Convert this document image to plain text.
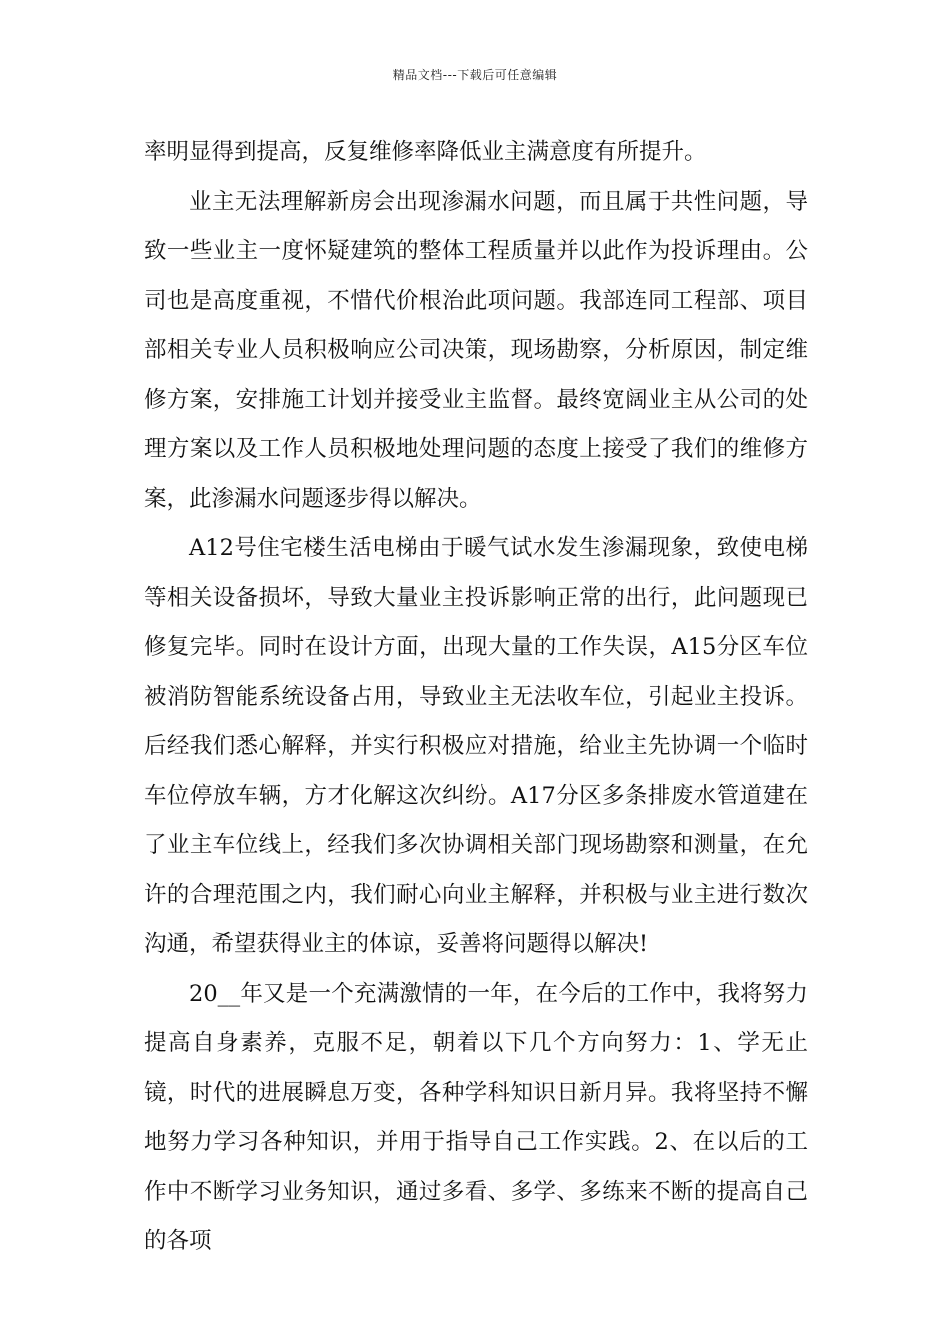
精品文档---下载后可任意编辑

率明显得到提高，反复维修率降低业主满意度有所提升。

业主无法理解新房会出现渗漏水问题，而且属于共性问题，导致一些业主一度怀疑建筑的整体工程质量并以此作为投诉理由。公司也是高度重视，不惜代价根治此项问题。我部连同工程部、项目部相关专业人员积极响应公司决策，现场勘察，分析原因，制定维修方案，安排施工计划并接受业主监督。最终宽阔业主从公司的处理方案以及工作人员积极地处理问题的态度上接受了我们的维修方案，此渗漏水问题逐步得以解决。

A12号住宅楼生活电梯由于暖气试水发生渗漏现象，致使电梯等相关设备损坏，导致大量业主投诉影响正常的出行，此问题现已修复完毕。同时在设计方面，出现大量的工作失误，A15分区车位被消防智能系统设备占用，导致业主无法收车位，引起业主投诉。后经我们悉心解释，并实行积极应对措施，给业主先协调一个临时车位停放车辆，方才化解这次纠纷。A17分区多条排废水管道建在了业主车位线上，经我们多次协调相关部门现场勘察和测量，在允许的合理范围之内，我们耐心向业主解释，并积极与业主进行数次沟通，希望获得业主的体谅，妥善将问题得以解决!

20__年又是一个充满激情的一年，在今后的工作中，我将努力提高自身素养，克服不足，朝着以下几个方向努力：1、学无止镜，时代的进展瞬息万变，各种学科知识日新月异。我将坚持不懈地努力学习各种知识，并用于指导自己工作实践。2、在以后的工作中不断学习业务知识，通过多看、多学、多练来不断的提高自己的各项
